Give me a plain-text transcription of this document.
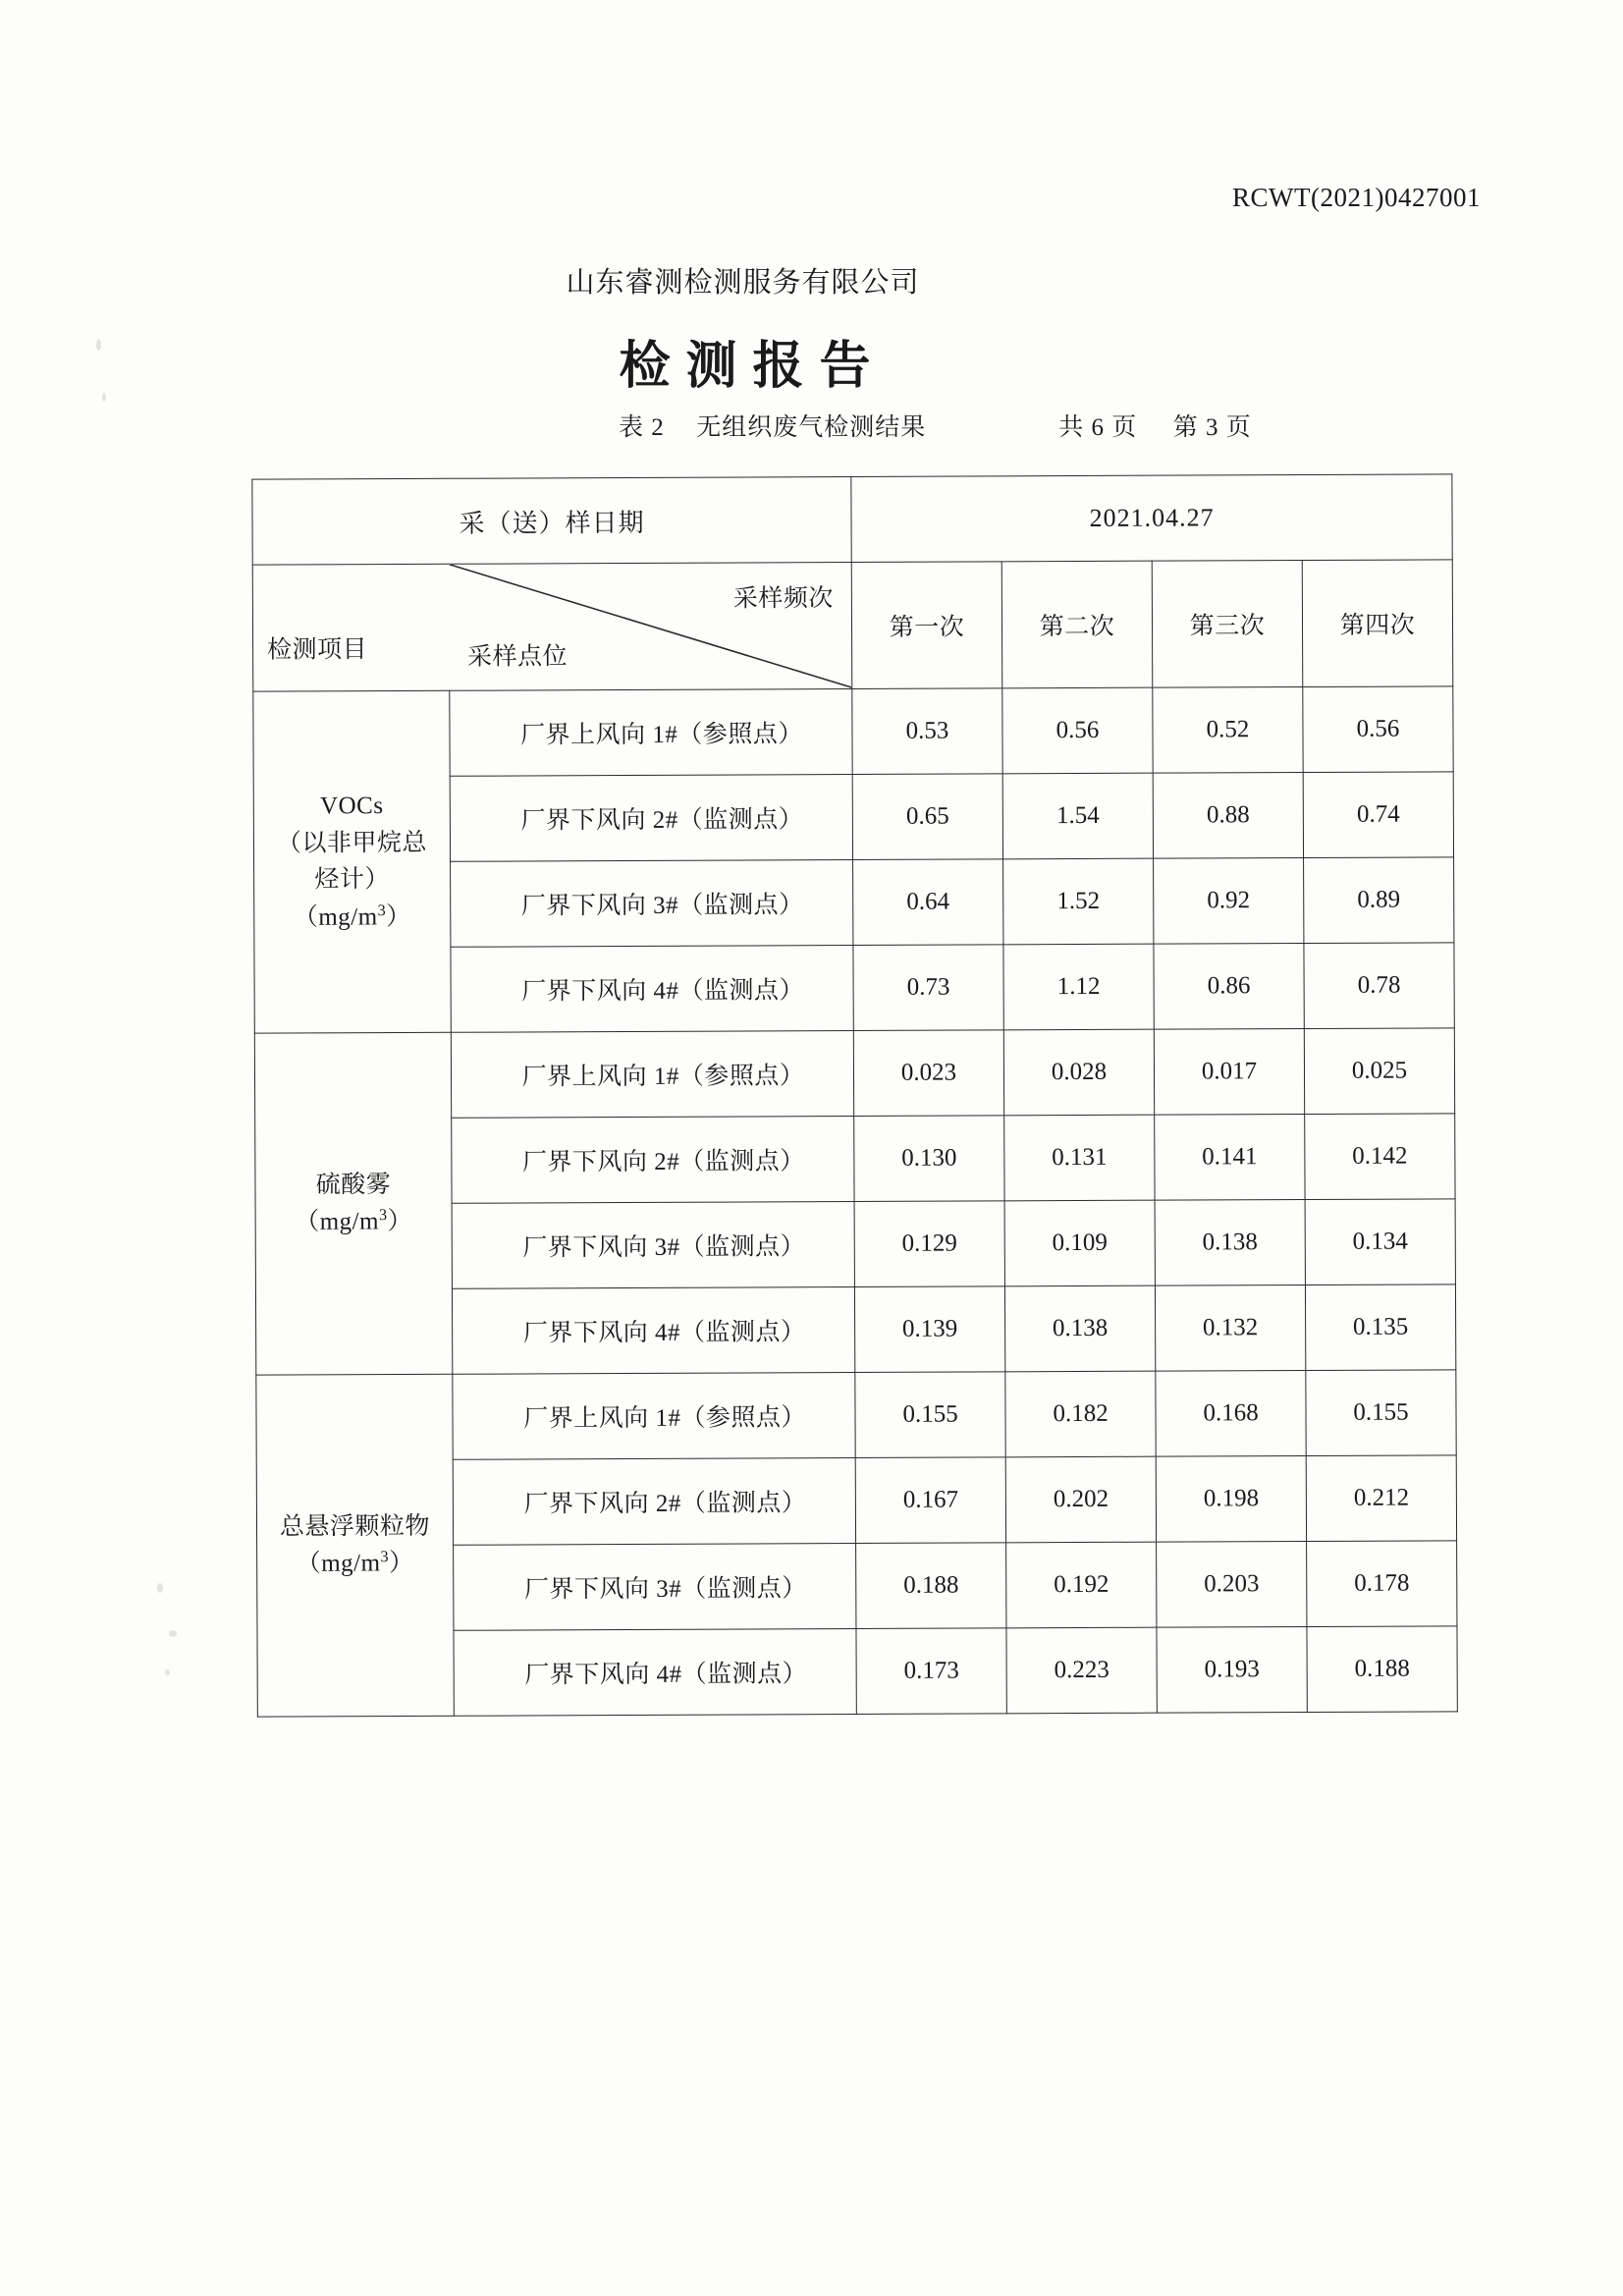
RCWT(2021)0427001
山东睿测检测服务有限公司
检测报告
表 2 无组织废气检测结果	共 6 页 第 3 页
采（送）样日期		2021.04.27			

检测项目 采样点位
采样频次		第一次	第二次	第三次	第四次

VOCs
（以非甲烷总
烃计）
$(mg/m^3)$	厂界上风向 1#（参照点）	0.53	0.56	0.52	0.56
	厂界下风向 2#（监测点）	0.65	1.54	0.88	0.74
	厂界下风向 3#（监测点）	0.64	1.52	0.92	0.89
	厂界下风向 4#（监测点）	0.73	1.12	0.86	0.78

硫酸雾
$(mg/m^3)$	厂界上风向 1#（参照点）	0.023	0.028	0.017	0.025
	厂界下风向 2#（监测点）	0.130	0.131	0.141	0.142
	厂界下风向 3#（监测点）	0.129	0.109	0.138	0.134
	厂界下风向 4#（监测点）	0.139	0.138	0.132	0.135

总悬浮颗粒物
$(mg/m^3)$	厂界上风向 1#（参照点）	0.155	0.182	0.168	0.155
	厂界下风向 2#（监测点）	0.167	0.202	0.198	0.212
	厂界下风向 3#（监测点）	0.188	0.192	0.203	0.178
	厂界下风向 4#（监测点）	0.173	0.223	0.193	0.188
